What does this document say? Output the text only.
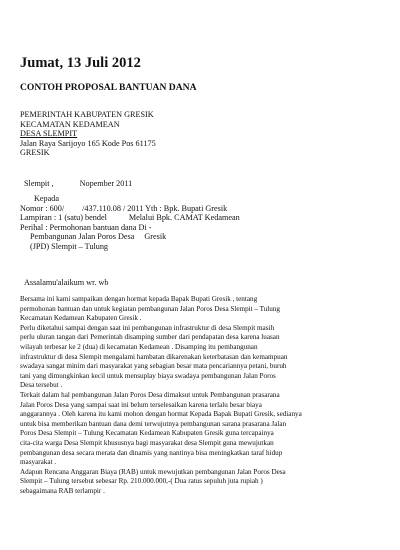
Jumat, 13 Juli 2012
CONTOH PROPOSAL BANTUAN DANA
PEMERINTAH KABUPATEN GRESIK
KECAMATAN KEDAMEAN
DESA SLEMPIT
Jalan Raya Sarijoyo 165 Kode Pos 61175
GRESIK
Slempit ,	Nopember 2011
Kepada
Nomor : 600/ /437.110.08 / 2011 Yth : Bpk. Bupati Gresik
Lampiran : 1 (satu) bendel	Melalui Bpk. CAMAT Kedamean
Perihal : Permohonan bantuan dana Di -
Pembangunan Jalan Poros Desa Gresik
(JPD) Slempit – Tulung
Assalamu'alaikum wr. wb
Bersama ini kami sampaikan dengan hormat kepada Bapak Bupati Gresik , tentang
permohonan bantuan dan untuk kegiatan pembangunan Jalan Poros Desa Slempit – Tulung
Kecamatan Kedamean Kabupaten Gresik .
Perlu diketahui sampai dengan saat ini pembangunan infrastruktur di desa Slempit masih
perlu uluran tangan dari Pemerintah disamping sumber dari pendapatan desa karena luasan
wilayah terbesar ke 2 (dua) di kecamatan Kedamean . Disamping itu pembangunan
infrastruktur di desa Slempit mengalami hambatan dikarenakan keterbatasan dan kemampuan
swadaya sangat minim dari masyarakat yang sebagian besar mata pencariannya petani, buruh
tani yang dimungkinkan kecil untuk mensuplay biaya swadaya pembangunan Jalan Poros
Desa tersebut .
Terkait dalam hal pembangunan Jalan Poros Desa dimaksut untuk Pembangunan prasarana
Jalan Poros Desa yang sampai saat ini belum terselesaikan karena terlalu besar biaya
anggarannya . Oleh karena itu kami mohon dengan hormat Kepada Bapak Bupati Gresik, sedianya
untuk bisa memberikan bantuan dana demi terwujutnya pembangunan sarana prasarana Jalan
Poros Desa Slempit – Tulung Kecamatan Kedamean Kabupaten Gresik guna tercapainya
cita-cita warga Desa Slempit khususnya bagi masyarakat desa Slempit guna mewujutkan
pembangunan desa secara merata dan dinamis yang nantinya bisa meningkatkan taraf hidup
masyarakat .
Adapun Rencana Anggaran Biaya (RAB) untuk mewujutkan pembangunan Jalan Poros Desa
Slempit – Tulung tersebut sebesar Rp. 210.000.000,-( Dua ratus sepuluh juta rupiah )
sebagaimana RAB terlampir .
